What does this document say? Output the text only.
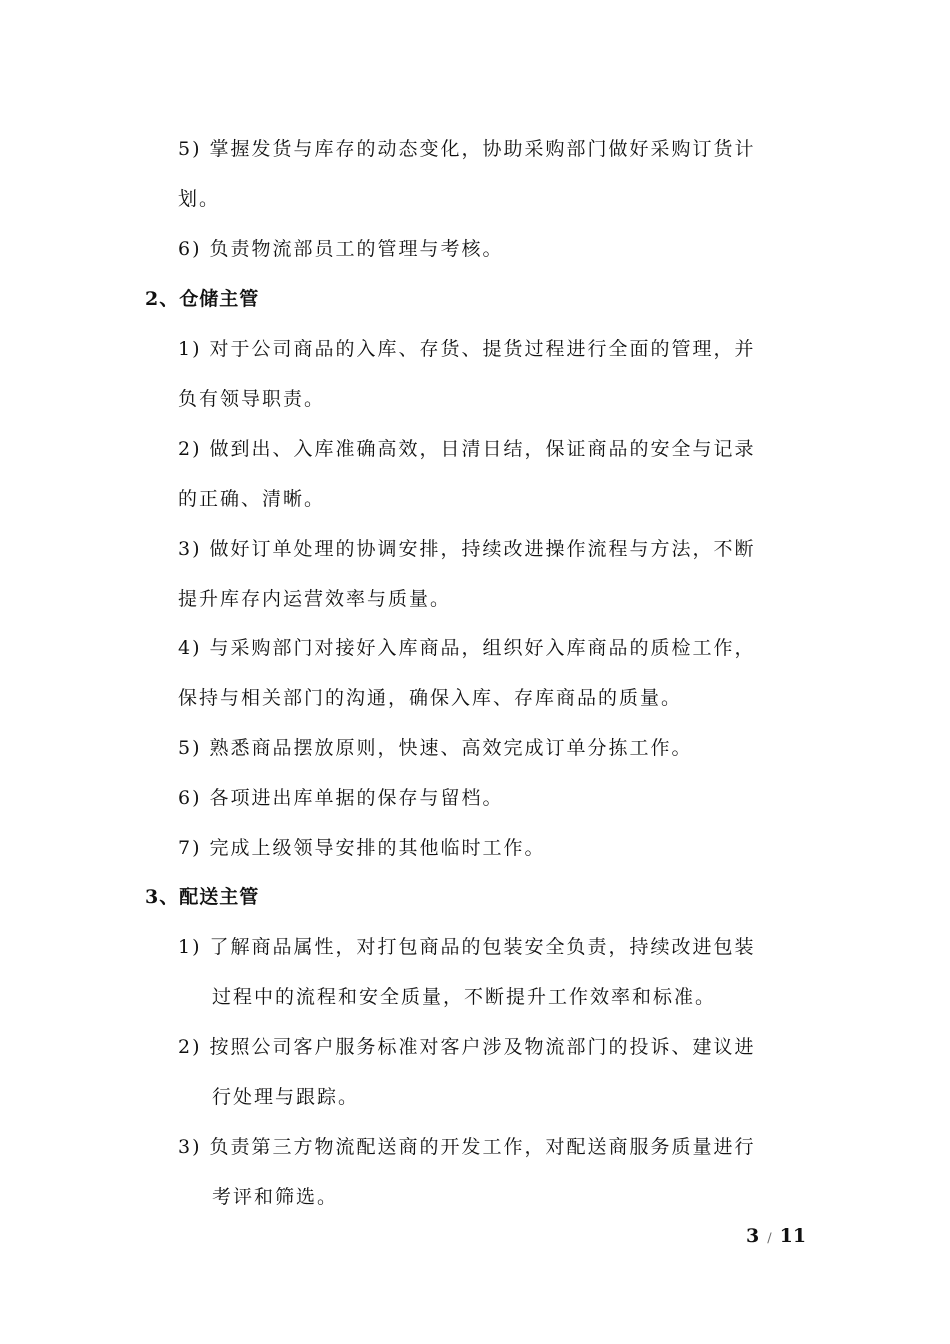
5) 掌握发货与库存的动态变化，协助采购部门做好采购订货计
划。
6) 负责物流部员工的管理与考核。
2、仓储主管
1) 对于公司商品的入库、存货、提货过程进行全面的管理，并
负有领导职责。
2) 做到出、入库准确高效，日清日结，保证商品的安全与记录
的正确、清晰。
3) 做好订单处理的协调安排，持续改进操作流程与方法，不断
提升库存内运营效率与质量。
4) 与采购部门对接好入库商品，组织好入库商品的质检工作，
保持与相关部门的沟通，确保入库、存库商品的质量。
5) 熟悉商品摆放原则，快速、高效完成订单分拣工作。
6) 各项进出库单据的保存与留档。
7) 完成上级领导安排的其他临时工作。
3、配送主管
1) 了解商品属性，对打包商品的包装安全负责，持续改进包装
过程中的流程和安全质量，不断提升工作效率和标准。
2) 按照公司客户服务标准对客户涉及物流部门的投诉、建议进
行处理与跟踪。
3) 负责第三方物流配送商的开发工作，对配送商服务质量进行
考评和筛选。
3 / 11
